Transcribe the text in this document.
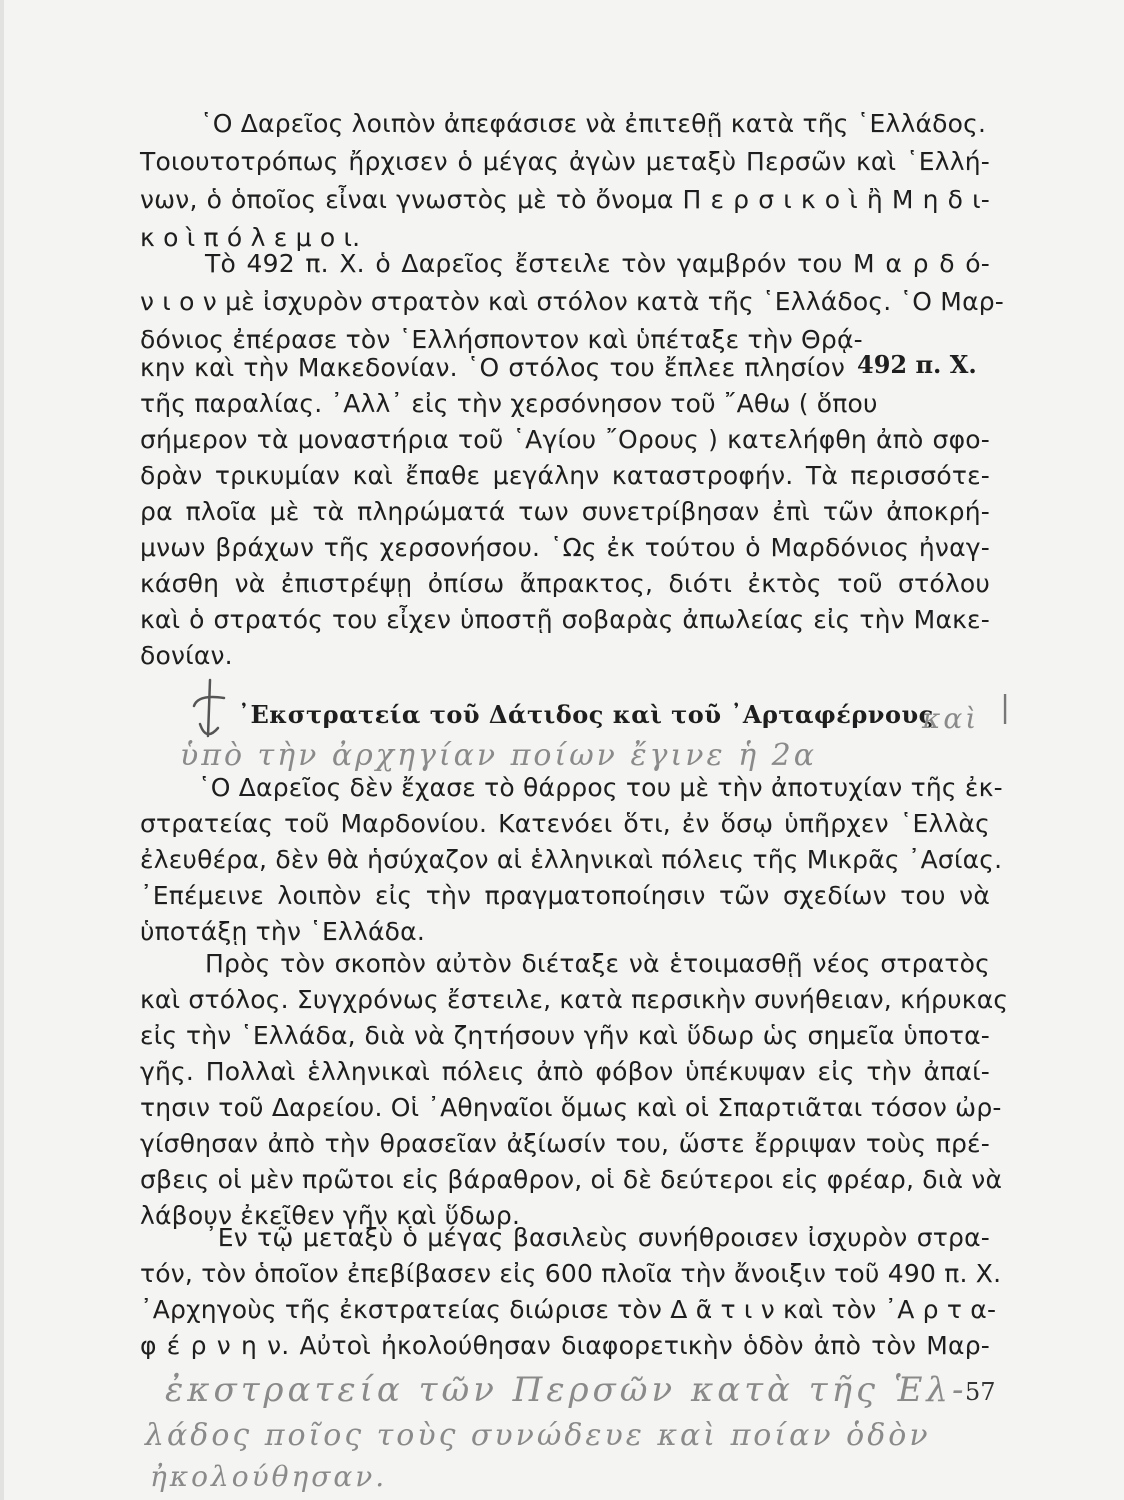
῾Ο Δαρεῖος λοιπὸν ἀπεφάσισε νὰ ἐπιτεθῇ κατὰ τῆς ῾Ελλάδος.
Τοιουτοτρόπως ἤρχισεν ὁ μέγας ἀγὼν μεταξὺ Περσῶν καὶ ῾Ελλή-
νων, ὁ ὁποῖος εἶναι γνωστὸς μὲ τὸ ὄνομα Π ε ρ σ ι κ ο ὶ ἢ Μ η δ ι-
κ ο ὶ π ό λ ε μ ο ι.
Τὸ 492 π. Χ. ὁ Δαρεῖος ἔστειλε τὸν γαμβρόν του Μ α ρ δ ό-
ν ι ο ν μὲ ἰσχυρὸν στρατὸν καὶ στόλον κατὰ τῆς ῾Ελλάδος. ῾Ο Μαρ-
δόνιος ἐπέρασε τὸν ῾Ελλήσποντον καὶ ὑπέταξε τὴν Θρᾴ-
κην καὶ τὴν Μακεδονίαν. ῾Ο στόλος του ἔπλεε πλησίον
τῆς παραλίας. ᾿Αλλ᾿ εἰς τὴν χερσόνησον τοῦ ῎Αθω ( ὅπου
σήμερον τὰ μοναστήρια τοῦ ῾Αγίου ῎Ορους ) κατελήφθη ἀπὸ σφο-
δρὰν τρικυμίαν καὶ ἔπαθε μεγάλην καταστροφήν. Τὰ περισσότε-
ρα πλοῖα μὲ τὰ πληρώματά των συνετρίβησαν ἐπὶ τῶν ἀποκρή-
μνων βράχων τῆς χερσονήσου. ῾Ως ἐκ τούτου ὁ Μαρδόνιος ἠναγ-
κάσθη νὰ ἐπιστρέψῃ ὀπίσω ἄπρακτος, διότι ἐκτὸς τοῦ στόλου
καὶ ὁ στρατός του εἶχεν ὑποστῇ σοβαρὰς ἀπωλείας εἰς τὴν Μακε-
δονίαν.
492 π. Χ.
᾿Εκστρατεία τοῦ Δάτιδος καὶ τοῦ ᾿Αρταφέρνους
καὶ |
ὑπὸ τὴν ἀρχηγίαν ποίων ἔγινε ἡ 2α
῾Ο Δαρεῖος δὲν ἔχασε τὸ θάρρος του μὲ τὴν ἀποτυχίαν τῆς ἐκ-
στρατείας τοῦ Μαρδονίου. Κατενόει ὅτι, ἐν ὅσῳ ὑπῆρχεν ῾Ελλὰς
ἐλευθέρα, δὲν θὰ ἡσύχαζον αἱ ἑλληνικαὶ πόλεις τῆς Μικρᾶς ᾿Ασίας.
᾿Επέμεινε λοιπὸν εἰς τὴν πραγματοποίησιν τῶν σχεδίων του νὰ
ὑποτάξῃ τὴν ῾Ελλάδα.
Πρὸς τὸν σκοπὸν αὐτὸν διέταξε νὰ ἑτοιμασθῇ νέος στρατὸς
καὶ στόλος. Συγχρόνως ἔστειλε, κατὰ περσικὴν συνήθειαν, κήρυκας
εἰς τὴν ῾Ελλάδα, διὰ νὰ ζητήσουν γῆν καὶ ὕδωρ ὡς σημεῖα ὑποτα-
γῆς. Πολλαὶ ἑλληνικαὶ πόλεις ἀπὸ φόβον ὑπέκυψαν εἰς τὴν ἀπαί-
τησιν τοῦ Δαρείου. Οἱ ᾿Αθηναῖοι ὅμως καὶ οἱ Σπαρτιᾶται τόσον ὠρ-
γίσθησαν ἀπὸ τὴν θρασεῖαν ἀξίωσίν του, ὥστε ἔρριψαν τοὺς πρέ-
σβεις οἱ μὲν πρῶτοι εἰς βάραθρον, οἱ δὲ δεύτεροι εἰς φρέαρ, διὰ νὰ
λάβουν ἐκεῖθεν γῆν καὶ ὕδωρ.
᾿Εν τῷ μεταξὺ ὁ μέγας βασιλεὺς συνήθροισεν ἰσχυρὸν στρα-
τόν, τὸν ὁποῖον ἐπεβίβασεν εἰς 600 πλοῖα τὴν ἄνοιξιν τοῦ 490 π. Χ.
᾿Αρχηγοὺς τῆς ἐκστρατείας διώρισε τὸν Δ ᾶ τ ι ν καὶ τὸν ᾿Α ρ τ α-
φ έ ρ ν η ν. Αὐτοὶ ἠκολούθησαν διαφορετικὴν ὁδὸν ἀπὸ τὸν Μαρ-
ἐκστρατεία τῶν Περσῶν κατὰ τῆς Ἑλ-
λάδος ποῖος τοὺς συνώδευε καὶ ποίαν ὁδὸν
ἠκολούθησαν.
57
